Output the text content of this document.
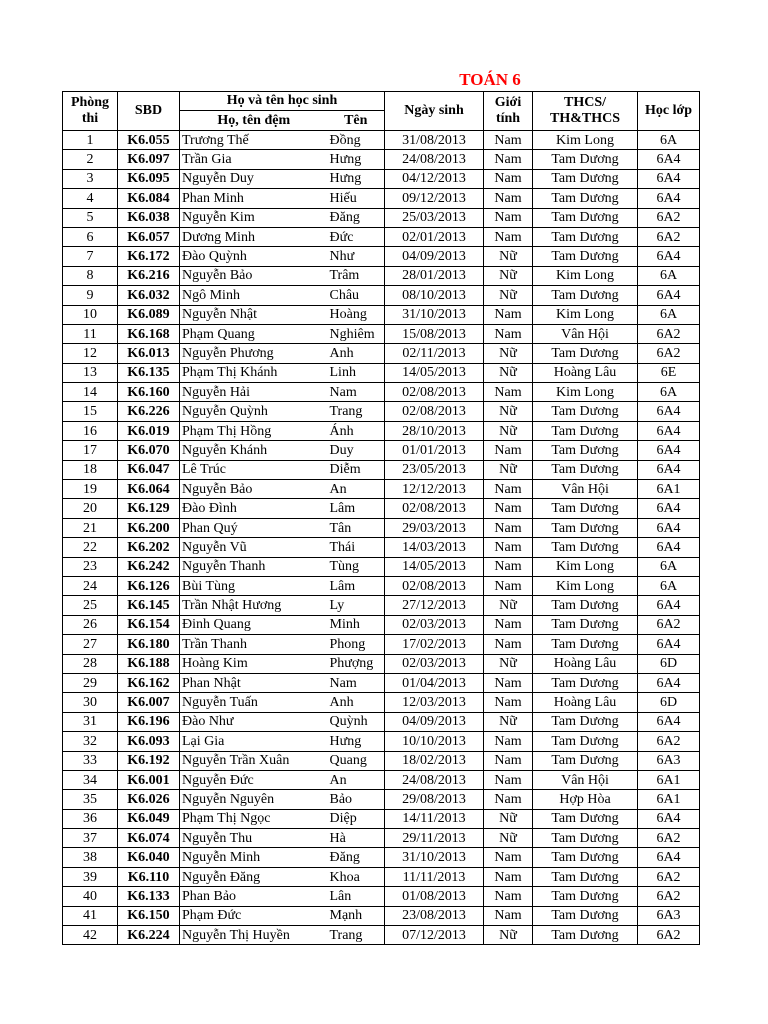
TOÁN 6
Phòng thi	SBD	Họ và tên học sinh		Ngày sinh	Giới tính	THCS/ TH&THCS	Học lớp
		Họ, tên đệm	Tên				
1	K6.055	Trương Thế	Đồng	31/08/2013	Nam	Kim Long	6A
2	K6.097	Trần Gia	Hưng	24/08/2013	Nam	Tam Dương	6A4
3	K6.095	Nguyễn Duy	Hưng	04/12/2013	Nam	Tam Dương	6A4
4	K6.084	Phan Minh	Hiếu	09/12/2013	Nam	Tam Dương	6A4
5	K6.038	Nguyễn Kim	Đăng	25/03/2013	Nam	Tam Dương	6A2
6	K6.057	Dương Minh	Đức	02/01/2013	Nam	Tam Dương	6A2
7	K6.172	Đào Quỳnh	Như	04/09/2013	Nữ	Tam Dương	6A4
8	K6.216	Nguyễn Bảo	Trâm	28/01/2013	Nữ	Kim Long	6A
9	K6.032	Ngô Minh	Châu	08/10/2013	Nữ	Tam Dương	6A4
10	K6.089	Nguyễn Nhật	Hoàng	31/10/2013	Nam	Kim Long	6A
11	K6.168	Phạm Quang	Nghiêm	15/08/2013	Nam	Vân Hội	6A2
12	K6.013	Nguyễn Phương	Anh	02/11/2013	Nữ	Tam Dương	6A2
13	K6.135	Phạm Thị Khánh	Linh	14/05/2013	Nữ	Hoàng Lâu	6E
14	K6.160	Nguyễn Hải	Nam	02/08/2013	Nam	Kim Long	6A
15	K6.226	Nguyễn Quỳnh	Trang	02/08/2013	Nữ	Tam Dương	6A4
16	K6.019	Phạm Thị Hồng	Ánh	28/10/2013	Nữ	Tam Dương	6A4
17	K6.070	Nguyễn Khánh	Duy	01/01/2013	Nam	Tam Dương	6A4
18	K6.047	Lê Trúc	Diễm	23/05/2013	Nữ	Tam Dương	6A4
19	K6.064	Nguyễn Bảo	An	12/12/2013	Nam	Vân Hội	6A1
20	K6.129	Đào Đình	Lâm	02/08/2013	Nam	Tam Dương	6A4
21	K6.200	Phan Quý	Tân	29/03/2013	Nam	Tam Dương	6A4
22	K6.202	Nguyễn Vũ	Thái	14/03/2013	Nam	Tam Dương	6A4
23	K6.242	Nguyễn Thanh	Tùng	14/05/2013	Nam	Kim Long	6A
24	K6.126	Bùi Tùng	Lâm	02/08/2013	Nam	Kim Long	6A
25	K6.145	Trần Nhật Hương	Ly	27/12/2013	Nữ	Tam Dương	6A4
26	K6.154	Đinh Quang	Minh	02/03/2013	Nam	Tam Dương	6A2
27	K6.180	Trần Thanh	Phong	17/02/2013	Nam	Tam Dương	6A4
28	K6.188	Hoàng Kim	Phượng	02/03/2013	Nữ	Hoàng Lâu	6D
29	K6.162	Phan Nhật	Nam	01/04/2013	Nam	Tam Dương	6A4
30	K6.007	Nguyễn Tuấn	Anh	12/03/2013	Nam	Hoàng Lâu	6D
31	K6.196	Đào Như	Quỳnh	04/09/2013	Nữ	Tam Dương	6A4
32	K6.093	Lại Gia	Hưng	10/10/2013	Nam	Tam Dương	6A2
33	K6.192	Nguyễn Trần Xuân	Quang	18/02/2013	Nam	Tam Dương	6A3
34	K6.001	Nguyễn Đức	An	24/08/2013	Nam	Vân Hội	6A1
35	K6.026	Nguyễn Nguyên	Bảo	29/08/2013	Nam	Hợp Hòa	6A1
36	K6.049	Phạm Thị Ngọc	Diệp	14/11/2013	Nữ	Tam Dương	6A4
37	K6.074	Nguyễn Thu	Hà	29/11/2013	Nữ	Tam Dương	6A2
38	K6.040	Nguyễn Minh	Đăng	31/10/2013	Nam	Tam Dương	6A4
39	K6.110	Nguyễn Đăng	Khoa	11/11/2013	Nam	Tam Dương	6A2
40	K6.133	Phan Bảo	Lân	01/08/2013	Nam	Tam Dương	6A2
41	K6.150	Phạm Đức	Mạnh	23/08/2013	Nam	Tam Dương	6A3
42	K6.224	Nguyễn Thị Huyền	Trang	07/12/2013	Nữ	Tam Dương	6A2
